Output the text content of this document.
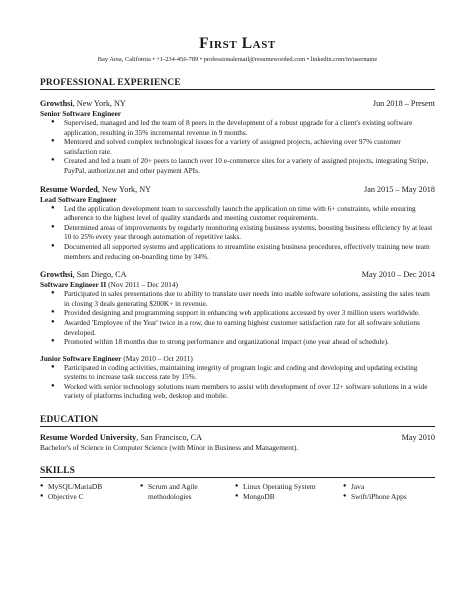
First Last
Bay Area, California • +1-234-456-789 • professionalemail@resumeworded.com • linkedin.com/in/username
PROFESSIONAL EXPERIENCE
Growthsi, New York, NY	Jun 2018 – Present
Senior Software Engineer
● Supervised, managed and led the team of 8 peers in the development of a robust upgrade for a client's existing software application, resulting in 35% incremental revenue in 9 months.
● Mentored and solved complex technological issues for a variety of assigned projects, achieving over 97% customer satisfaction rate.
● Created and led a team of 20+ peers to launch over 10 e-commerce sites for a variety of assigned projects, integrating Stripe, PayPal, authorize.net and other payment APIs.
Resume Worded, New York, NY	Jan 2015 – May 2018
Lead Software Engineer
● Led the application development team to successfully launch the application on time with 6+ constraints, while ensuring adherence to the highest level of quality standards and meeting customer requirements.
● Determined areas of improvements by regularly monitoring existing business systems, boosting business efficiency by at least 10 to 25% every year through automation of repetitive tasks.
● Documented all supported systems and applications to streamline existing business procedures, effectively training new team members and reducing on-boarding time by 34%.
Growthsi, San Diego, CA	May 2010 – Dec 2014
Software Engineer II (Nov 2011 – Dec 2014)
● Participated in sales presentations due to ability to translate user needs into usable software solutions, assisting the sales team in closing 3 deals generating $200K+ in revenue.
● Provided designing and programming support in enhancing web applications accessed by over 3 million users worldwide.
● Awarded 'Employee of the Year' twice in a row, due to earning highest customer satisfaction rate for all software solutions developed.
● Promoted within 18 months due to strong performance and organizational impact (one year ahead of schedule).
Junior Software Engineer (May 2010 – Oct 2011)
● Participated in coding activities, maintaining integrity of program logic and coding and developing and updating existing systems to increase task success rate by 15%.
● Worked with senior technology solutions team members to assist with development of over 12+ software solutions in a wide variety of platforms including web, desktop and mobile.
EDUCATION
Resume Worded University, San Francisco, CA	May 2010
Bachelor's of Science in Computer Science (with Minor in Business and Management).
SKILLS
● MySQL/MariaDB
● Objective C
● Scrum and Agile methodologies
● Linux Operating System
● MongoDB
● Java
● Swift/iPhone Apps
